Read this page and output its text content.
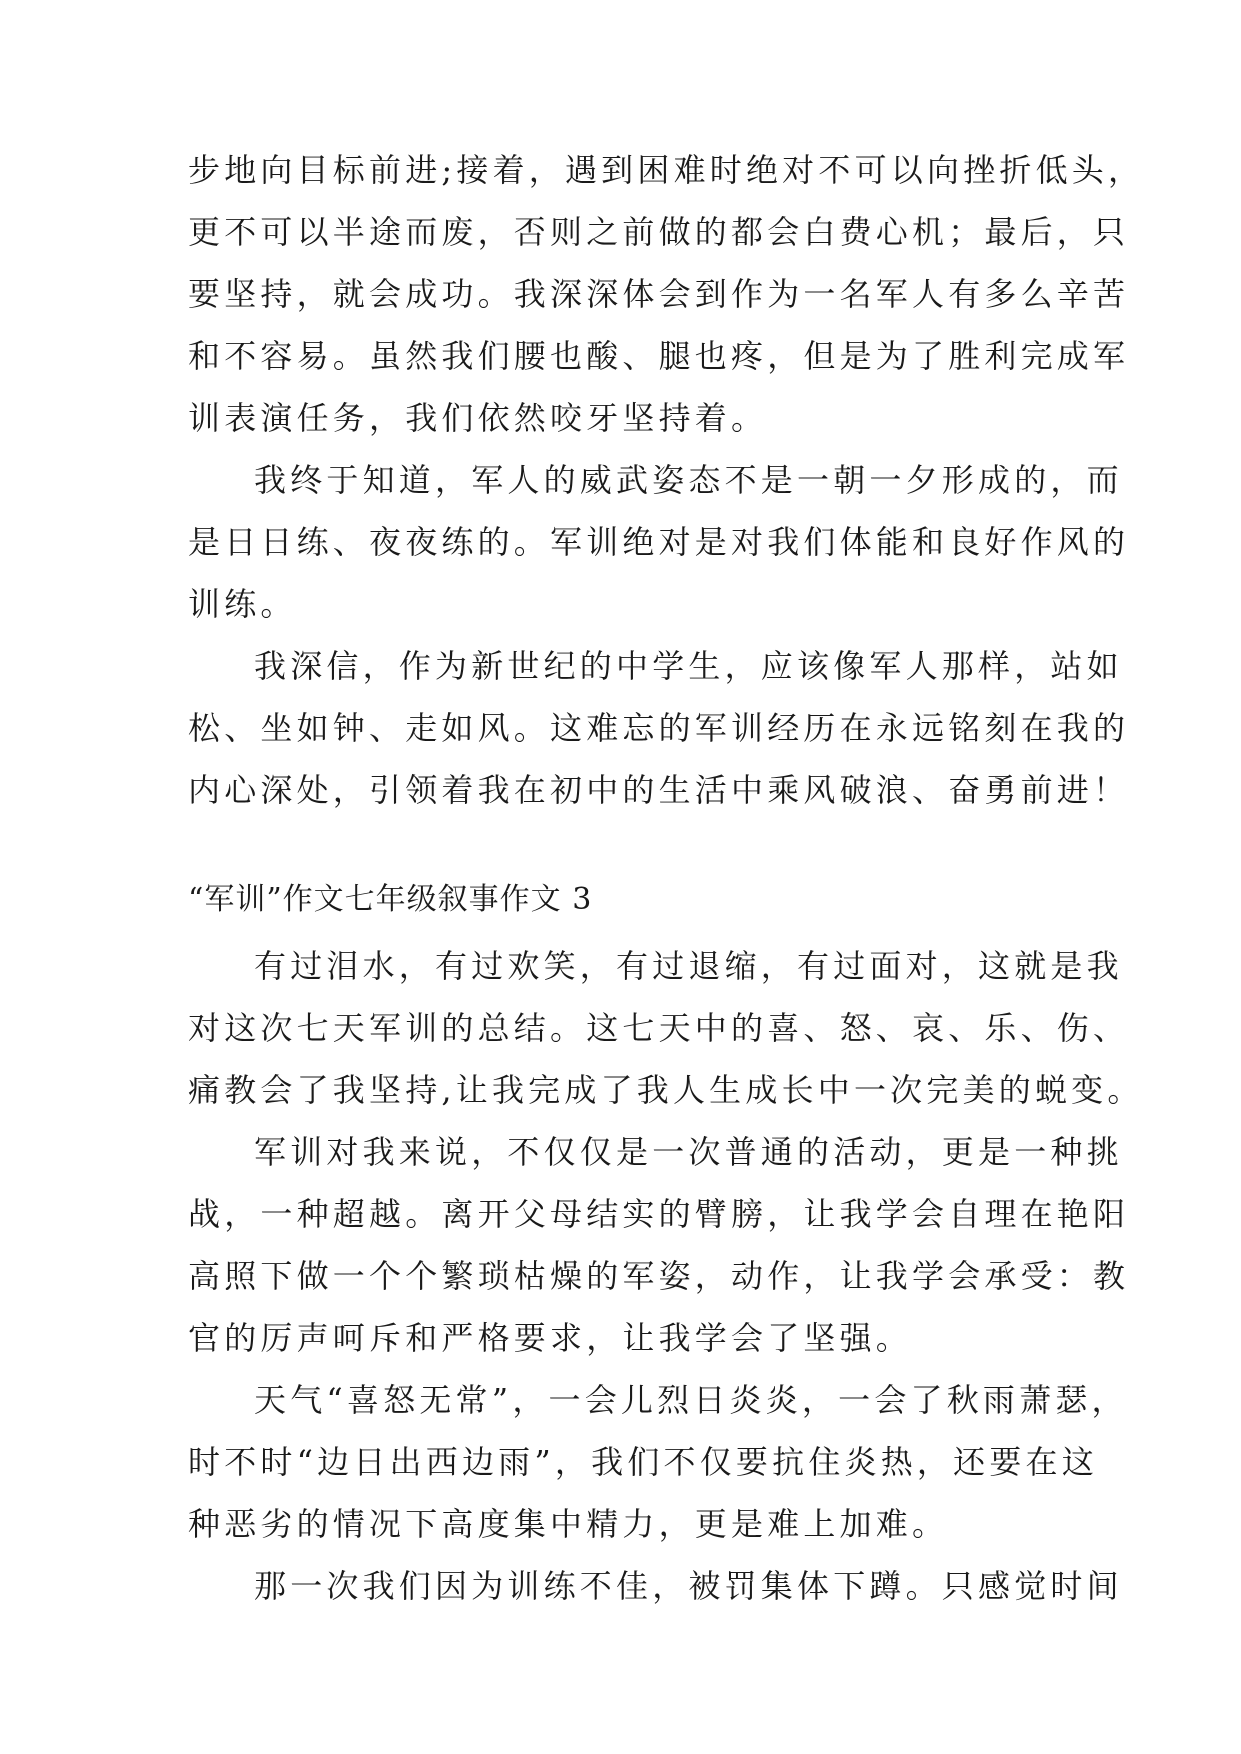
步地向目标前进;接着，遇到困难时绝对不可以向挫折低头，

更不可以半途而废，否则之前做的都会白费心机；最后，只

要坚持，就会成功。我深深体会到作为一名军人有多么辛苦

和不容易。虽然我们腰也酸、腿也疼，但是为了胜利完成军

训表演任务，我们依然咬牙坚持着。

我终于知道，军人的威武姿态不是一朝一夕形成的，而

是日日练、夜夜练的。军训绝对是对我们体能和良好作风的

训练。

我深信，作为新世纪的中学生，应该像军人那样，站如

松、坐如钟、走如风。这难忘的军训经历在永远铭刻在我的

内心深处，引领着我在初中的生活中乘风破浪、奋勇前进！

“军训”作文七年级叙事作文 3

有过泪水，有过欢笑，有过退缩，有过面对，这就是我

对这次七天军训的总结。这七天中的喜、怒、哀、乐、伤、

痛教会了我坚持,让我完成了我人生成长中一次完美的蜕变。

军训对我来说，不仅仅是一次普通的活动，更是一种挑

战，一种超越。离开父母结实的臂膀，让我学会自理在艳阳

高照下做一个个繁琐枯燥的军姿，动作，让我学会承受：教

官的厉声呵斥和严格要求，让我学会了坚强。

天气“喜怒无常”，一会儿烈日炎炎，一会了秋雨萧瑟，

时不时“边日出西边雨”，我们不仅要抗住炎热，还要在这

种恶劣的情况下高度集中精力，更是难上加难。

那一次我们因为训练不佳，被罚集体下蹲。只感觉时间
